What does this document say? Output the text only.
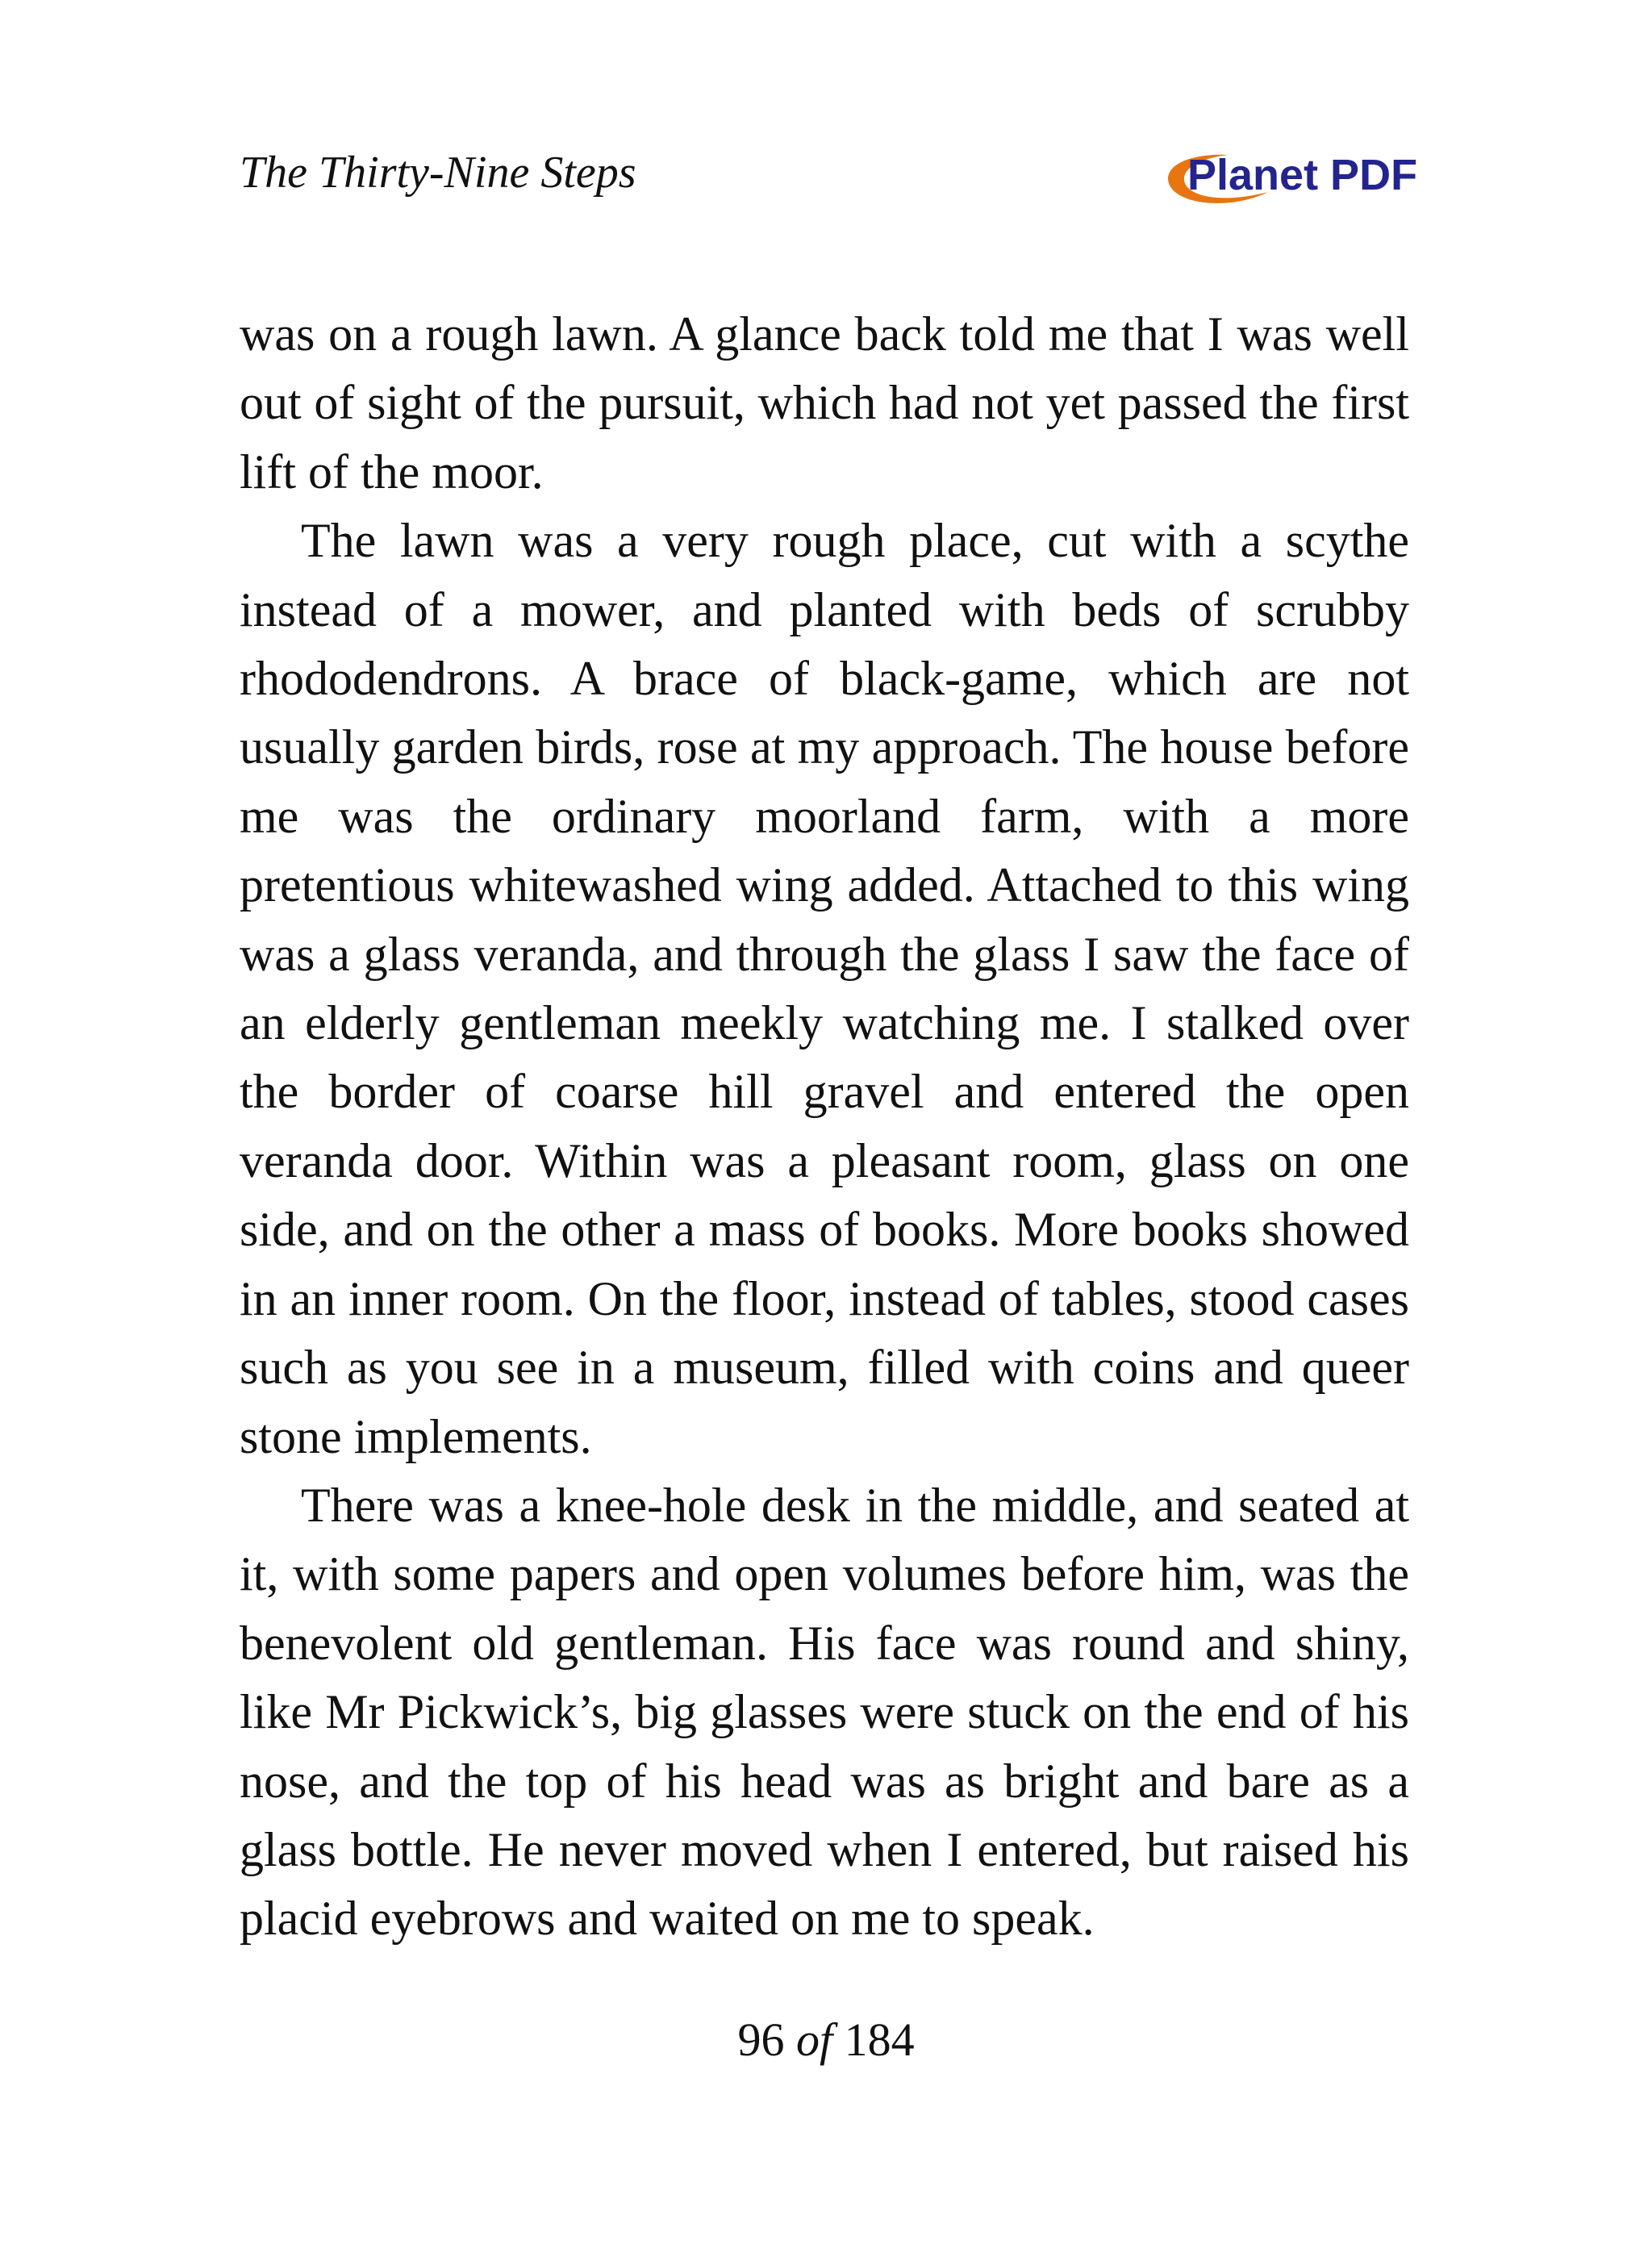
The Thirty-Nine Steps	Planet PDF

was on a rough lawn. A glance back told me that I was well out of sight of the pursuit, which had not yet passed the first lift of the moor.

The lawn was a very rough place, cut with a scythe instead of a mower, and planted with beds of scrubby rhododendrons. A brace of black-game, which are not usually garden birds, rose at my approach. The house before me was the ordinary moorland farm, with a more pretentious whitewashed wing added. Attached to this wing was a glass veranda, and through the glass I saw the face of an elderly gentleman meekly watching me. I stalked over the border of coarse hill gravel and entered the open veranda door. Within was a pleasant room, glass on one side, and on the other a mass of books. More books showed in an inner room. On the floor, instead of tables, stood cases such as you see in a museum, filled with coins and queer stone implements.

There was a knee-hole desk in the middle, and seated at it, with some papers and open volumes before him, was the benevolent old gentleman. His face was round and shiny, like Mr Pickwick’s, big glasses were stuck on the end of his nose, and the top of his head was as bright and bare as a glass bottle. He never moved when I entered, but raised his placid eyebrows and waited on me to speak.

96 of 184
